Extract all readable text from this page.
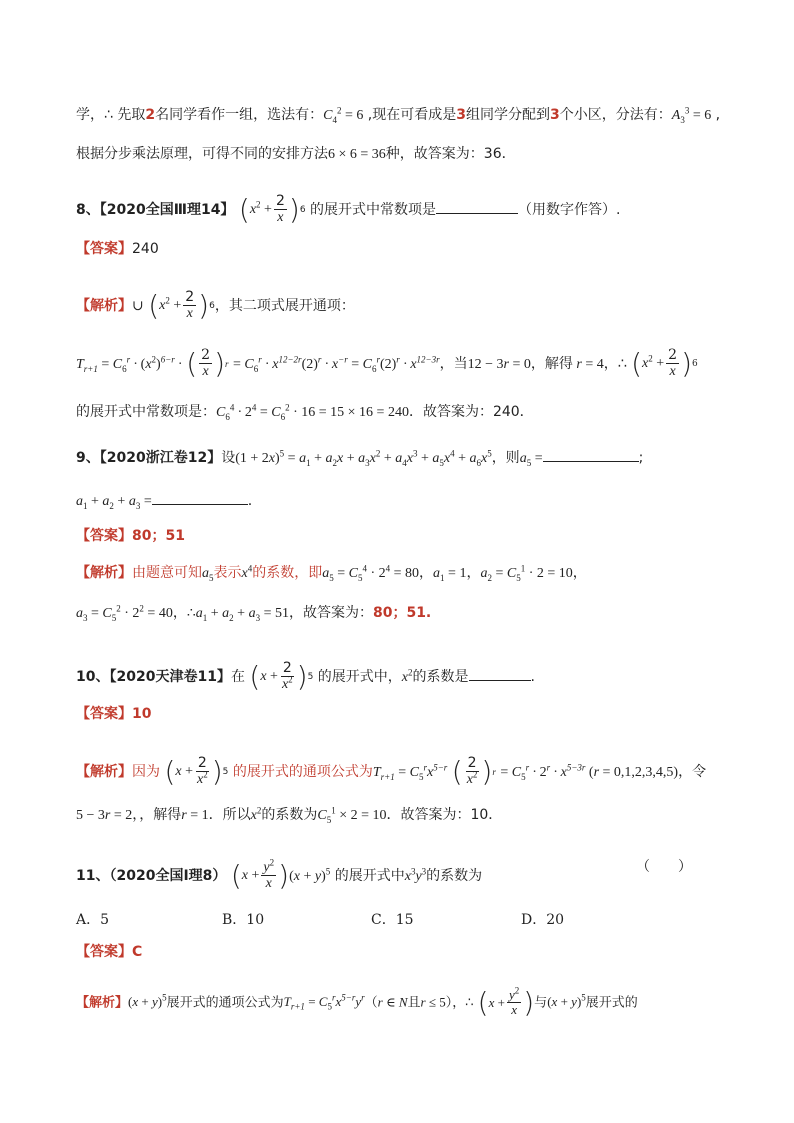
学，∴ 先取2名同学看作一组，选法有：$C_4^2 = 6$ ,现在可看成是3组同学分配到3个小区，分法有：$A_3^3 = 6$ ,
根据分步乘法原理，可得不同的安排方法6 × 6 = 36种，故答案为：36．
8、【2020全国Ⅲ理14】 ( $x^2 + \frac{2}{x}$ ) 6 的展开式中常数项是	（用数字作答）.
【答案】240
【解析】∪ ( $x^2 + \frac{2}{x}$ ) 6 ，其二项式展开通项：
$T_{r+1} = C_6^r \cdot (x^2)^{6-r}$ · ( $\frac{2}{x}$ ) $r = C_6^r \cdot x^{12-2r}(2)^r \cdot x^{-r} = C_6^r(2)^r \cdot x^{12-3r}$，当12 − 3r = 0，解得 r = 4，∴ ( $x^2 + \frac{2}{x}$ ) 6
的展开式中常数项是：$C_6^4 \cdot 2^4 = C_6^2 \cdot 16 = 15 \times 16 = 240$．故答案为：240．
9、【2020浙江卷12】设$(1 + 2x)^5 = a_1 + a_2x + a_3x^2 + a_4x^3 + a_5x^4 + a_6x^5$，则$a_5$ =	;
$a_1 + a_2 + a_3$ =	.
【答案】80；51
【解析】由题意可知$a_5$表示$x^4$的系数，即$a_5 = C_5^4 \cdot 2^4 = 80$，$a_1 = 1$，$a_2 = C_5^1 \cdot 2 = 10$，
$a_3 = C_5^2 \cdot 2^2 = 40$，$\therefore a_1 + a_2 + a_3 = 51$，故答案为：80；51.
10、【2020天津卷11】在 ( $x + \frac{2}{x^2}$ ) 5 的展开式中，$x^2$的系数是	.
【答案】10
【解析】因为 ( $x + \frac{2}{x^2}$ ) 5 的展开式的通项公式为$T_{r+1} = C_5^rx^{5-r}$ ( $\frac{2}{x^2}$ ) $r = C_5^r \cdot 2^r \cdot x^{5-3r}$ (r = 0,1,2,3,4,5)，令
5 − 3r = 2，，解得r = 1．所以$x^2$的系数为$C_5^1 \times 2 = 10$．故答案为：10．
11、（2020全国Ⅰ理8） ( $x + \frac{y^2}{x}$ ) $(x + y)^5$ 的展开式中$x^3y^3$的系数为
（　　）
A．5	B．10	C．15	D．20
【答案】C
【解析】$(x + y)^5$展开式的通项公式为$T_{r+1} = C_5^rx^{5-r}y^r(r$ ∈ N且r ≤ 5），∴ ( $x + \frac{y^2}{x}$ ) 与$(x + y)^5$展开式的
